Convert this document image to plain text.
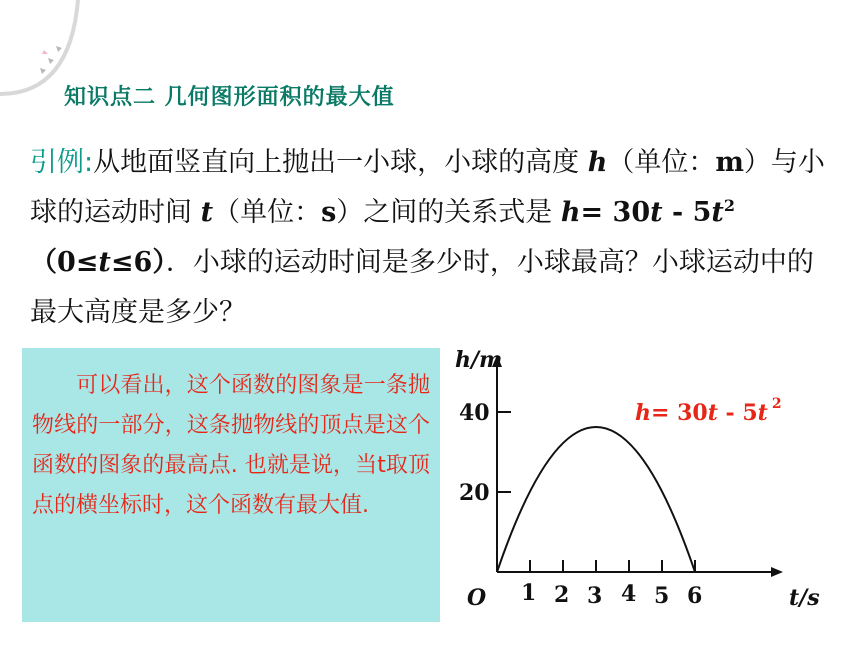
知识点二 几何图形面积的最大值
引例:从地面竖直向上抛出一小球，小球的高度 h（单位：m）与小球的运动时间 t（单位：s）之间的关系式是 $h= 30t - 5t^2$ （0≤t≤6）．小球的运动时间是多少时，小球最高？小球运动中的最大高度是多少？
可以看出，这个函数的图象是一条抛物线的一部分，这条抛物线的顶点是这个函数的图象的最高点. 也就是说，当t取顶点的横坐标时，这个函数有最大值.
h/m
40
20
O 1 2 3 4 5 6	t/s
h= 30t - 5t $^2$
